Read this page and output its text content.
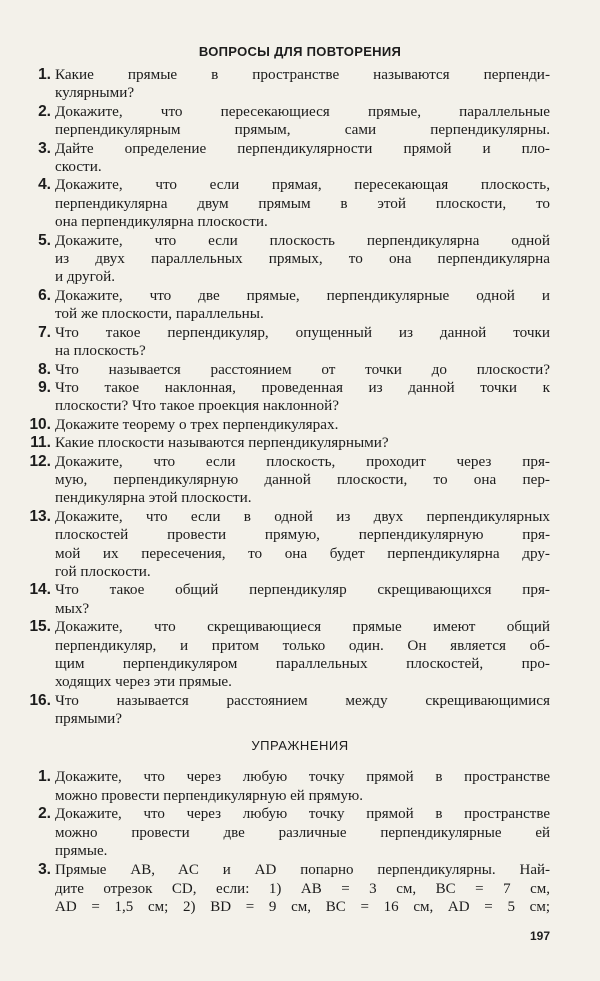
ВОПРОСЫ ДЛЯ ПОВТОРЕНИЯ
1. Какие прямые в пространстве называются перпенди-
кулярными?
2. Докажите, что пересекающиеся прямые, параллельные
перпендикулярным прямым, сами перпендикулярны.
3. Дайте определение перпендикулярности прямой и пло-
скости.
4. Докажите, что если прямая, пересекающая плоскость,
перпендикулярна двум прямым в этой плоскости, то
она перпендикулярна плоскости.
5. Докажите, что если плоскость перпендикулярна одной
из двух параллельных прямых, то она перпендикулярна
и другой.
6. Докажите, что две прямые, перпендикулярные одной и
той же плоскости, параллельны.
7. Что такое перпендикуляр, опущенный из данной точки
на плоскость?
8. Что называется расстоянием от точки до плоскости?
9. Что такое наклонная, проведенная из данной точки к
плоскости? Что такое проекция наклонной?
10. Докажите теорему о трех перпендикулярах.
11. Какие плоскости называются перпендикулярными?
12. Докажите, что если плоскость, проходит через пря-
мую, перпендикулярную данной плоскости, то она пер-
пендикулярна этой плоскости.
13. Докажите, что если в одной из двух перпендикулярных
плоскостей провести прямую, перпендикулярную пря-
мой их пересечения, то она будет перпендикулярна дру-
гой плоскости.
14. Что такое общий перпендикуляр скрещивающихся пря-
мых?
15. Докажите, что скрещивающиеся прямые имеют общий
перпендикуляр, и притом только один. Он является об-
щим перпендикуляром параллельных плоскостей, про-
ходящих через эти прямые.
16. Что называется расстоянием между скрещивающимися
прямыми?
УПРАЖНЕНИЯ
1. Докажите, что через любую точку прямой в пространстве
можно провести перпендикулярную ей прямую.
2. Докажите, что через любую точку прямой в пространстве
можно провести две различные перпендикулярные ей
прямые.
3. Прямые AB, AC и AD попарно перпендикулярны. Най-
дите отрезок CD, если: 1) AB = 3 см, BC = 7 см,
AD = 1,5 см; 2) BD = 9 см, BC = 16 см, AD = 5 см;
197
